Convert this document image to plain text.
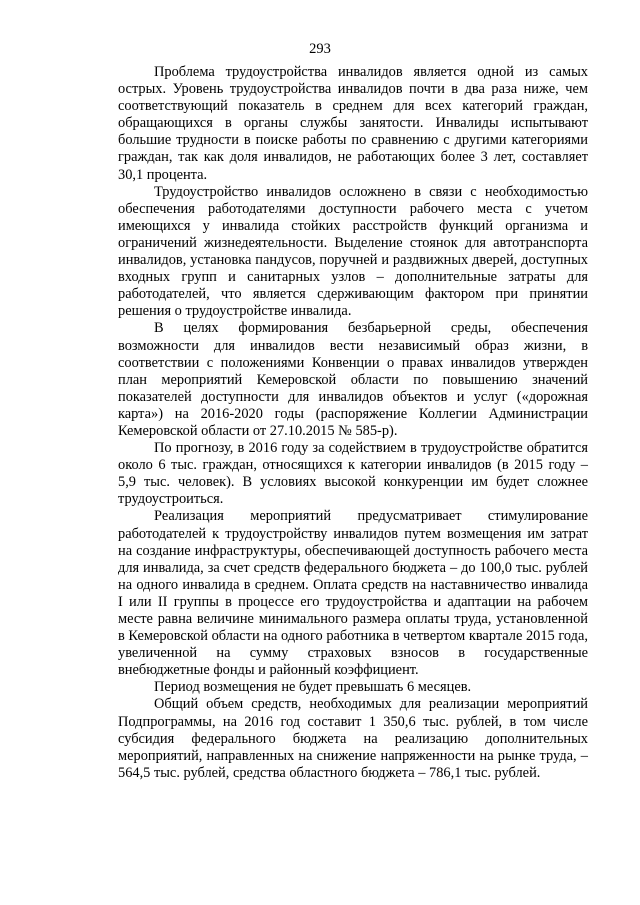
293

Проблема трудоустройства инвалидов является одной из самых острых. Уровень трудоустройства инвалидов почти в два раза ниже, чем соответствующий показатель в среднем для всех категорий граждан, обращающихся в органы службы занятости. Инвалиды испытывают большие трудности в поиске работы по сравнению с другими категориями граждан, так как доля инвалидов, не работающих более 3 лет, составляет 30,1 процента.

Трудоустройство инвалидов осложнено в связи с необходимостью обеспечения работодателями доступности рабочего места с учетом имеющихся у инвалида стойких расстройств функций организма и ограничений жизнедеятельности. Выделение стоянок для автотранспорта инвалидов, установка пандусов, поручней и раздвижных дверей, доступных входных групп и санитарных узлов – дополнительные затраты для работодателей, что является сдерживающим фактором при принятии решения о трудоустройстве инвалида.

В целях формирования безбарьерной среды, обеспечения возможности для инвалидов вести независимый образ жизни, в соответствии с положениями Конвенции о правах инвалидов утвержден план мероприятий Кемеровской области по повышению значений показателей доступности для инвалидов объектов и услуг («дорожная карта») на 2016-2020 годы (распоряжение Коллегии Администрации Кемеровской области от 27.10.2015 № 585-р).

По прогнозу, в 2016 году за содействием в трудоустройстве обратится около 6 тыс. граждан, относящихся к категории инвалидов (в 2015 году – 5,9 тыс. человек). В условиях высокой конкуренции им будет сложнее трудоустроиться.

Реализация мероприятий предусматривает стимулирование работодателей к трудоустройству инвалидов путем возмещения им затрат на создание инфраструктуры, обеспечивающей доступность рабочего места для инвалида, за счет средств федерального бюджета – до 100,0 тыс. рублей на одного инвалида в среднем. Оплата средств на наставничество инвалида I или II группы в процессе его трудоустройства и адаптации на рабочем месте равна величине минимального размера оплаты труда, установленной в Кемеровской области на одного работника в четвертом квартале 2015 года, увеличенной на сумму страховых взносов в государственные внебюджетные фонды и районный коэффициент.

Период возмещения не будет превышать 6 месяцев.

Общий объем средств, необходимых для реализации мероприятий Подпрограммы, на 2016 год составит 1 350,6 тыс. рублей, в том числе субсидия федерального бюджета на реализацию дополнительных мероприятий, направленных на снижение напряженности на рынке труда, – 564,5 тыс. рублей, средства областного бюджета – 786,1 тыс. рублей.
